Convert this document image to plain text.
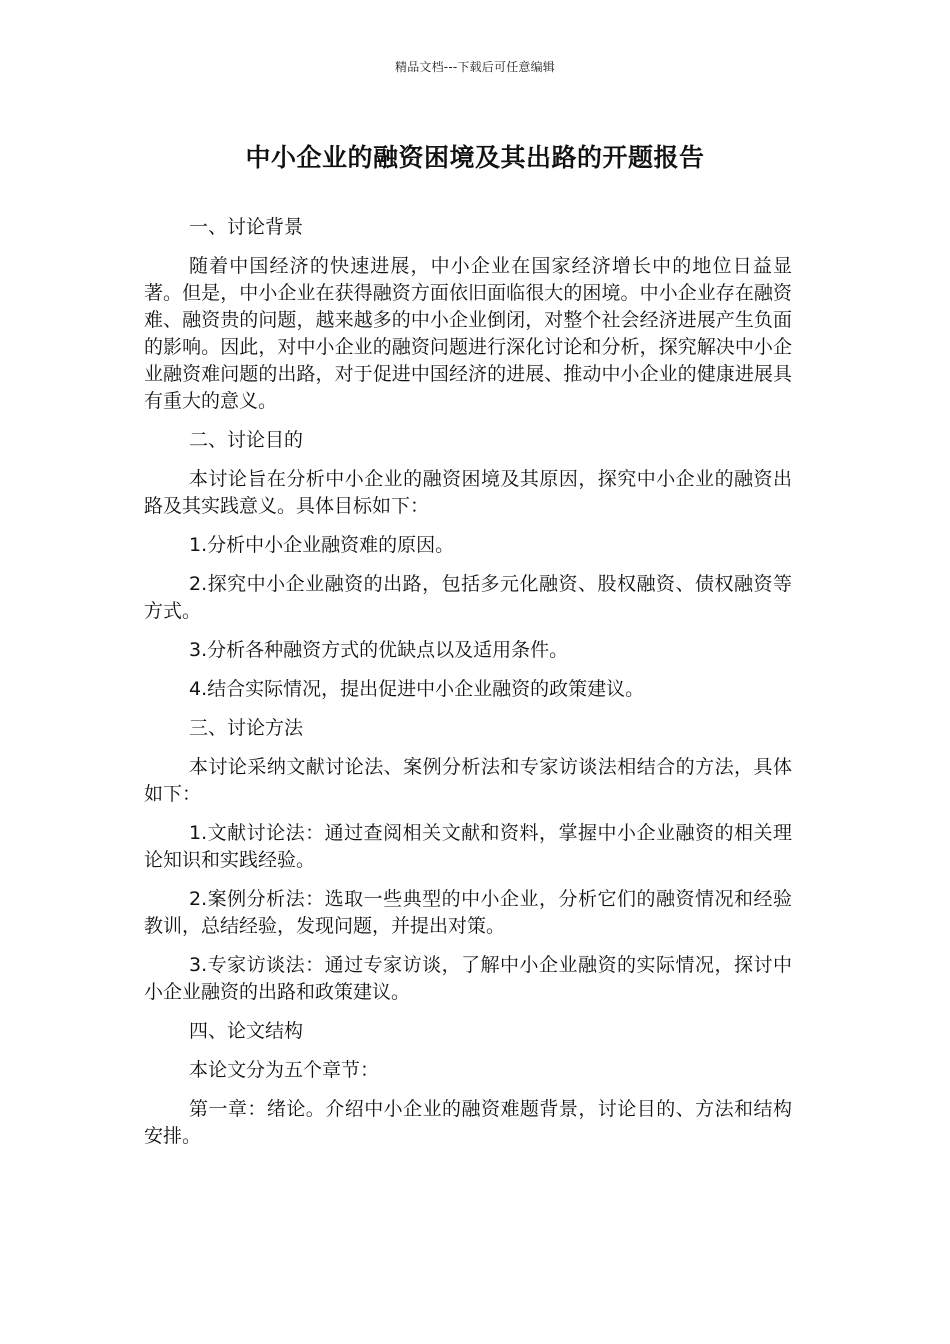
精品文档---下载后可任意编辑
中小企业的融资困境及其出路的开题报告
一、讨论背景
随着中国经济的快速进展，中小企业在国家经济增长中的地位日益显著。但是，中小企业在获得融资方面依旧面临很大的困境。中小企业存在融资难、融资贵的问题，越来越多的中小企业倒闭，对整个社会经济进展产生负面的影响。因此，对中小企业的融资问题进行深化讨论和分析，探究解决中小企业融资难问题的出路，对于促进中国经济的进展、推动中小企业的健康进展具有重大的意义。
二、讨论目的
本讨论旨在分析中小企业的融资困境及其原因，探究中小企业的融资出路及其实践意义。具体目标如下：
1.分析中小企业融资难的原因。
2.探究中小企业融资的出路，包括多元化融资、股权融资、债权融资等方式。
3.分析各种融资方式的优缺点以及适用条件。
4.结合实际情况，提出促进中小企业融资的政策建议。
三、讨论方法
本讨论采纳文献讨论法、案例分析法和专家访谈法相结合的方法，具体如下：
1.文献讨论法：通过查阅相关文献和资料，掌握中小企业融资的相关理论知识和实践经验。
2.案例分析法：选取一些典型的中小企业，分析它们的融资情况和经验教训，总结经验，发现问题，并提出对策。
3.专家访谈法：通过专家访谈，了解中小企业融资的实际情况，探讨中小企业融资的出路和政策建议。
四、论文结构
本论文分为五个章节：
第一章：绪论。介绍中小企业的融资难题背景，讨论目的、方法和结构安排。
